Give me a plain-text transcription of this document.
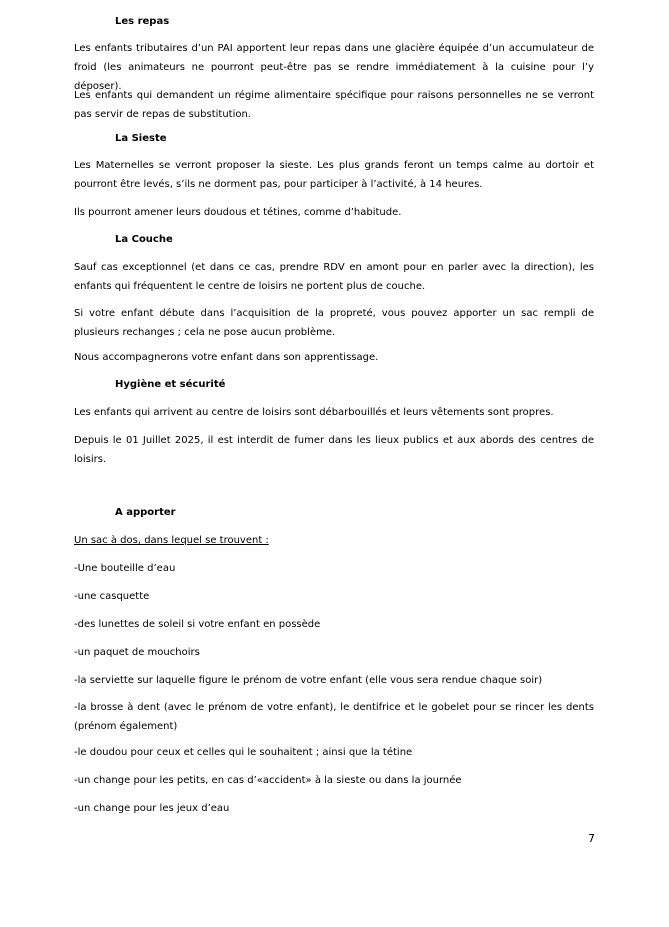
Les repas

Les enfants tributaires d’un PAI apportent leur repas dans une glacière équipée d’un accumulateur de froid (les animateurs ne pourront peut-être pas se rendre immédiatement à la cuisine pour l’y déposer).

Les enfants qui demandent un régime alimentaire spécifique pour raisons personnelles ne se verront pas servir de repas de substitution.

La Sieste

Les Maternelles se verront proposer la sieste. Les plus grands feront un temps calme au dortoir et pourront être levés, s’ils ne dorment pas, pour participer à l’activité, à 14 heures.

Ils pourront amener leurs doudous et tétines, comme d’habitude.

La Couche

Sauf cas exceptionnel (et dans ce cas, prendre RDV en amont pour en parler avec la direction), les enfants qui fréquentent le centre de loisirs ne portent plus de couche.

Si votre enfant débute dans l’acquisition de la propreté, vous pouvez apporter un sac rempli de plusieurs rechanges ; cela ne pose aucun problème.

Nous accompagnerons votre enfant dans son apprentissage.

Hygiène et sécurité

Les enfants qui arrivent au centre de loisirs sont débarbouillés et leurs vêtements sont propres.

Depuis le 01 Juillet 2025, il est interdit de fumer dans les lieux publics et aux abords des centres de loisirs.

A apporter
Un sac à dos, dans lequel se trouvent :
-Une bouteille d’eau
-une casquette
-des lunettes de soleil si votre enfant en possède
-un paquet de mouchoirs
-la serviette sur laquelle figure le prénom de votre enfant (elle vous sera rendue chaque soir)

-la brosse à dent (avec le prénom de votre enfant), le dentifrice et le gobelet pour se rincer les dents (prénom également)

-le doudou pour ceux et celles qui le souhaitent ; ainsi que la tétine
-un change pour les petits, en cas d’«accident» à la sieste ou dans la journée
-un change pour les jeux d’eau
7
